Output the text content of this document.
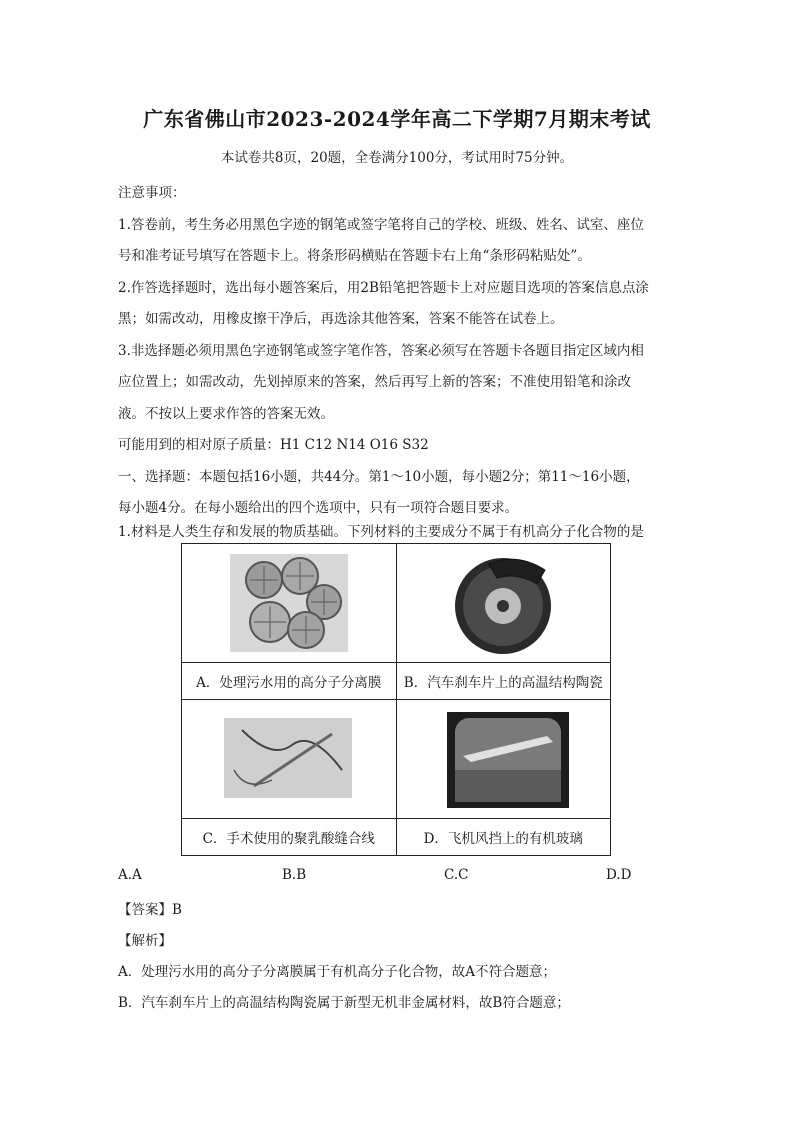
广东省佛山市2023-2024学年高二下学期7月期末考试
本试卷共8页，20题，全卷满分100分，考试用时75分钟。
注意事项：
1.答卷前，考生务必用黑色字迹的钢笔或签字笔将自己的学校、班级、姓名、试室、座位
号和准考证号填写在答题卡上。将条形码横贴在答题卡右上角“条形码粘贴处”。
2.作答选择题时，选出每小题答案后，用2B铅笔把答题卡上对应题目选项的答案信息点涂
黑；如需改动，用橡皮擦干净后，再选涂其他答案，答案不能答在试卷上。
3.非选择题必须用黑色字迹钢笔或签字笔作答，答案必须写在答题卡各题目指定区域内相
应位置上；如需改动，先划掉原来的答案，然后再写上新的答案；不准使用铅笔和涂改
液。不按以上要求作答的答案无效。
可能用到的相对原子质量：H1 C12 N14 O16 S32
一、选择题：本题包括16小题，共44分。第1～10小题，每小题2分；第11～16小题，
每小题4分。在每小题给出的四个选项中，只有一项符合题目要求。
1.材料是人类生存和发展的物质基础。下列材料的主要成分不属于有机高分子化合物的是

A．处理污水用的高分子分离膜	B．汽车刹车片上的高温结构陶瓷

C．手术使用的聚乳酸缝合线	D．飞机风挡上的有机玻璃
A.A	B.B	C.C	D.D
【答案】B
【解析】
A．处理污水用的高分子分离膜属于有机高分子化合物，故A不符合题意；
B．汽车刹车片上的高温结构陶瓷属于新型无机非金属材料，故B符合题意；
